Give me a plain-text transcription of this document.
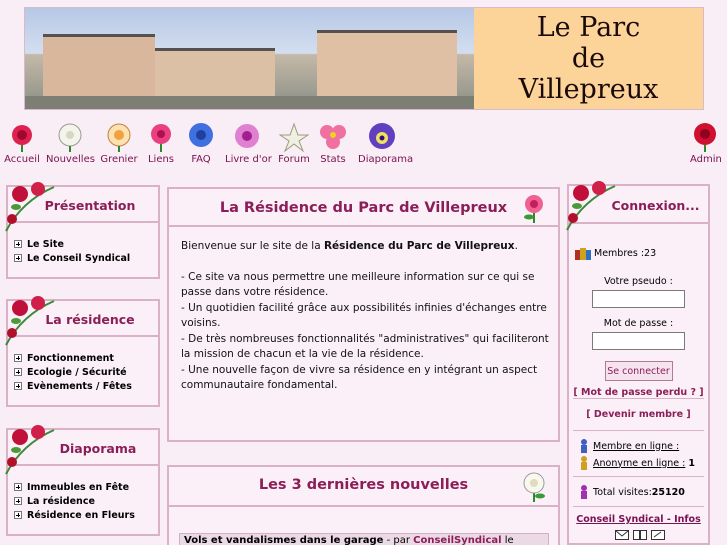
Le Parc
de
Villepreux
Accueil Nouvelles Grenier Liens	FAQ	Livre d'or Forum Stats Diaporama	Admin
Présentation
Le Site
Le Conseil Syndical
La résidence
Fonctionnement
Ecologie / Sécurité
Evènements / Fêtes
Diaporama
Immeubles en Fête
La résidence
Résidence en Fleurs
La Résidence du Parc de Villepreux
Bienvenue sur le site de la Résidence du Parc de Villepreux.
- Ce site va nous permettre une meilleure information sur ce qui se passe dans votre résidence.
- Un quotidien facilité grâce aux possibilités infinies d'échanges entre voisins.
- De très nombreuses fonctionnalités "administratives" qui faciliteront la mission de chacun et la vie de la résidence.
- Une nouvelle façon de vivre sa résidence en y intégrant un aspect communautaire fondamental.
Les 3 dernières nouvelles
Vols et vandalismes dans le garage - par ConseilSyndical le
Connexion...
Membres : 23
Votre pseudo :
Mot de passe :
Se connecter
[ Mot de passe perdu ? ]
[ Devenir membre ]
Membre en ligne :
Anonyme en ligne : 1
Total visites: 25120
Conseil Syndical - Infos
